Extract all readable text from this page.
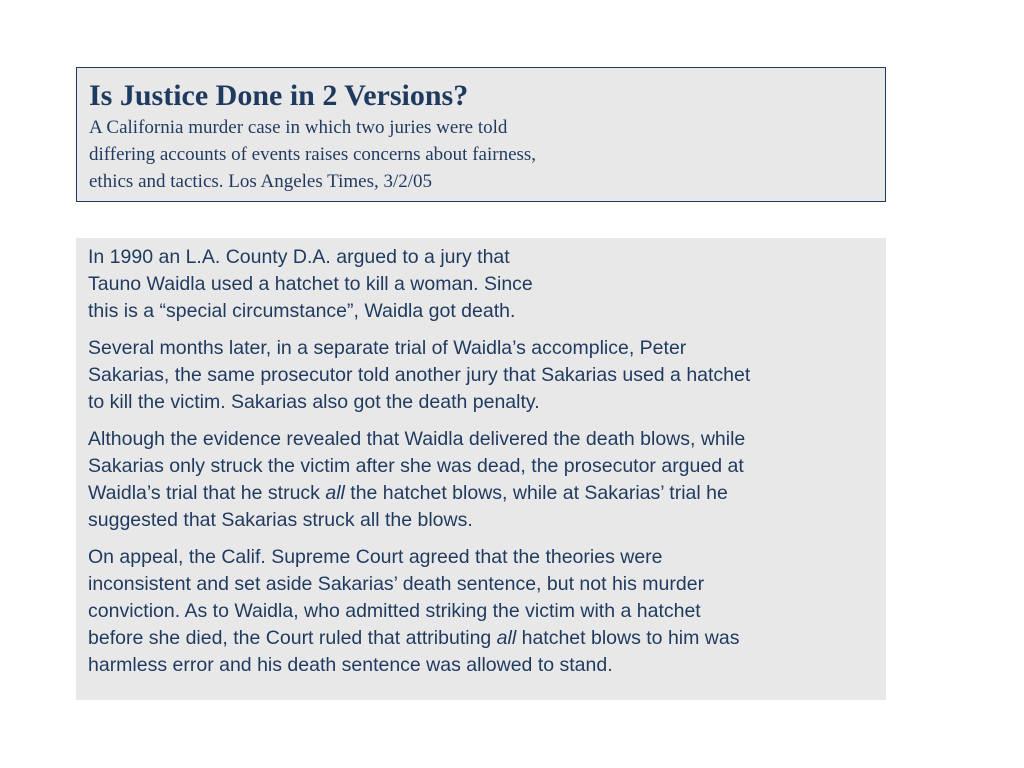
Is Justice Done in 2 Versions?

A California murder case in which two juries were told
differing accounts of events raises concerns about fairness,
ethics and tactics. Los Angeles Times, 3/2/05

In 1990 an L.A. County D.A. argued to a jury that
Tauno Waidla used a hatchet to kill a woman. Since
this is a “special circumstance”, Waidla got death.

Several months later, in a separate trial of Waidla’s accomplice, Peter
Sakarias, the same prosecutor told another jury that Sakarias used a hatchet
to kill the victim. Sakarias also got the death penalty.

Although the evidence revealed that Waidla delivered the death blows, while
Sakarias only struck the victim after she was dead, the prosecutor argued at
Waidla’s trial that he struck all the hatchet blows, while at Sakarias’ trial he
suggested that Sakarias struck all the blows.

On appeal, the Calif. Supreme Court agreed that the theories were
inconsistent and set aside Sakarias’ death sentence, but not his murder
conviction. As to Waidla, who admitted striking the victim with a hatchet
before she died, the Court ruled that attributing all hatchet blows to him was
harmless error and his death sentence was allowed to stand.
